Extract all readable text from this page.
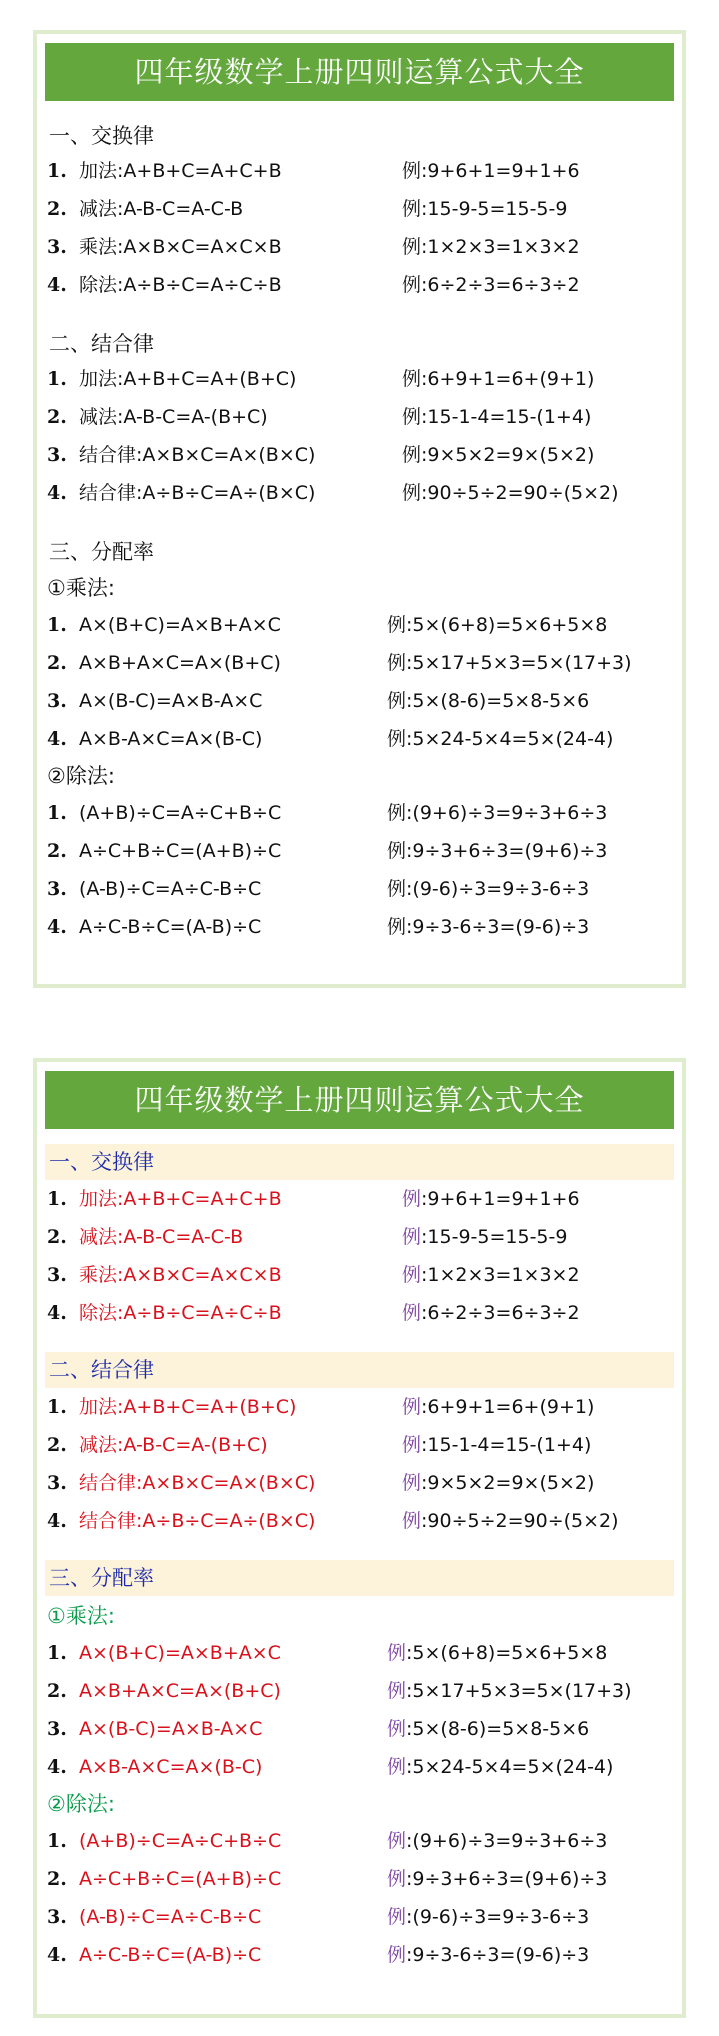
四年级数学上册四则运算公式大全
一、交换律
1. 加法:A+B+C=A+C+B	例:9+6+1=9+1+6
2. 减法:A-B-C=A-C-B	例:15-9-5=15-5-9
3. 乘法:A×B×C=A×C×B	例:1×2×3=1×3×2
4. 除法:A÷B÷C=A÷C÷B	例:6÷2÷3=6÷3÷2
二、结合律
1. 加法:A+B+C=A+(B+C)	例:6+9+1=6+(9+1)
2. 减法:A-B-C=A-(B+C)	例:15-1-4=15-(1+4)
3. 结合律:A×B×C=A×(B×C)	例:9×5×2=9×(5×2)
4. 结合律:A÷B÷C=A÷(B×C)	例:90÷5÷2=90÷(5×2)
三、分配率
①乘法:
1. A×(B+C)=A×B+A×C	例:5×(6+8)=5×6+5×8
2. A×B+A×C=A×(B+C)	例:5×17+5×3=5×(17+3)
3. A×(B-C)=A×B-A×C	例:5×(8-6)=5×8-5×6
4. A×B-A×C=A×(B-C)	例:5×24-5×4=5×(24-4)
②除法:
1. (A+B)÷C=A÷C+B÷C	例:(9+6)÷3=9÷3+6÷3
2. A÷C+B÷C=(A+B)÷C	例:9÷3+6÷3=(9+6)÷3
3. (A-B)÷C=A÷C-B÷C	例:(9-6)÷3=9÷3-6÷3
4. A÷C-B÷C=(A-B)÷C	例:9÷3-6÷3=(9-6)÷3
四年级数学上册四则运算公式大全
一、交换律
1. 加法:A+B+C=A+C+B	例:9+6+1=9+1+6
2. 减法:A-B-C=A-C-B	例:15-9-5=15-5-9
3. 乘法:A×B×C=A×C×B	例:1×2×3=1×3×2
4. 除法:A÷B÷C=A÷C÷B	例:6÷2÷3=6÷3÷2
二、结合律
1. 加法:A+B+C=A+(B+C)	例:6+9+1=6+(9+1)
2. 减法:A-B-C=A-(B+C)	例:15-1-4=15-(1+4)
3. 结合律:A×B×C=A×(B×C)	例:9×5×2=9×(5×2)
4. 结合律:A÷B÷C=A÷(B×C)	例:90÷5÷2=90÷(5×2)
三、分配率
①乘法:
1. A×(B+C)=A×B+A×C	例:5×(6+8)=5×6+5×8
2. A×B+A×C=A×(B+C)	例:5×17+5×3=5×(17+3)
3. A×(B-C)=A×B-A×C	例:5×(8-6)=5×8-5×6
4. A×B-A×C=A×(B-C)	例:5×24-5×4=5×(24-4)
②除法:
1. (A+B)÷C=A÷C+B÷C	例:(9+6)÷3=9÷3+6÷3
2. A÷C+B÷C=(A+B)÷C	例:9÷3+6÷3=(9+6)÷3
3. (A-B)÷C=A÷C-B÷C	例:(9-6)÷3=9÷3-6÷3
4. A÷C-B÷C=(A-B)÷C	例:9÷3-6÷3=(9-6)÷3
